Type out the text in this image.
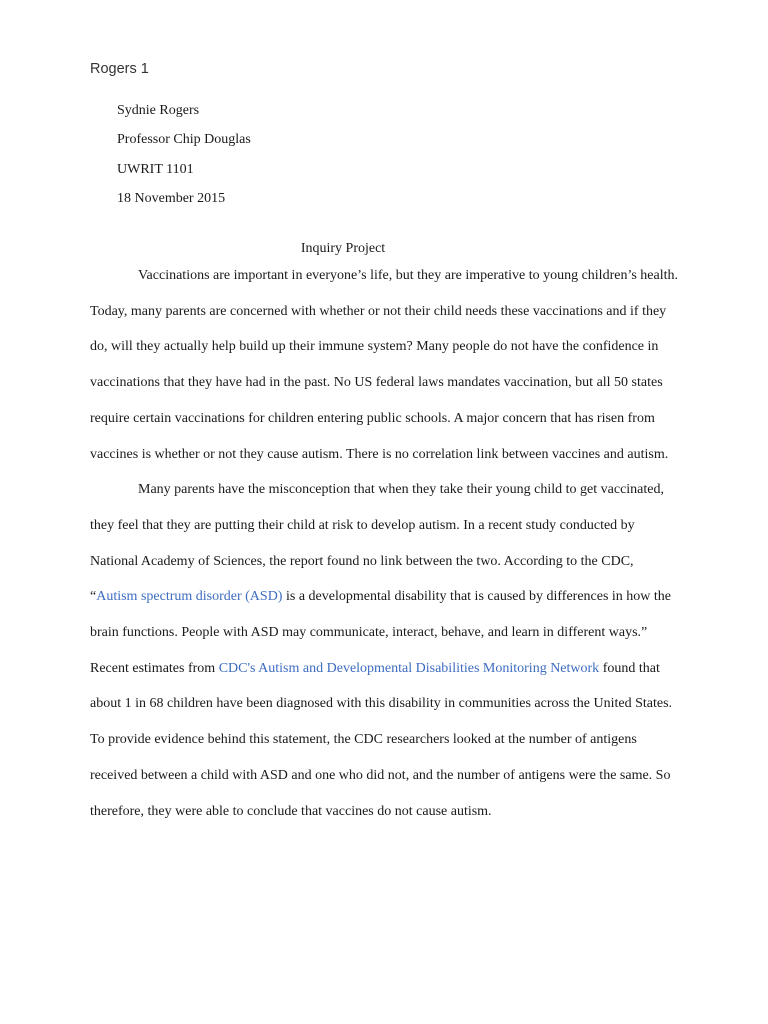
Rogers 1
Sydnie Rogers
Professor Chip Douglas
UWRIT 1101
18 November 2015
Inquiry Project

Vaccinations are important in everyone’s life, but they are imperative to young children’s health. Today, many parents are concerned with whether or not their child needs these vaccinations and if they do, will they actually help build up their immune system? Many people do not have the confidence in vaccinations that they have had in the past. No US federal laws mandates vaccination, but all 50 states require certain vaccinations for children entering public schools. A major concern that has risen from vaccines is whether or not they cause autism. There is no correlation link between vaccines and autism.

Many parents have the misconception that when they take their young child to get vaccinated, they feel that they are putting their child at risk to develop autism. In a recent study conducted by National Academy of Sciences, the report found no link between the two. According to the CDC, “Autism spectrum disorder (ASD) is a developmental disability that is caused by differences in how the brain functions. People with ASD may communicate, interact, behave, and learn in different ways.” Recent estimates from CDC's Autism and Developmental Disabilities Monitoring Network found that about 1 in 68 children have been diagnosed with this disability in communities across the United States. To provide evidence behind this statement, the CDC researchers looked at the number of antigens received between a child with ASD and one who did not, and the number of antigens were the same. So therefore, they were able to conclude that vaccines do not cause autism.
